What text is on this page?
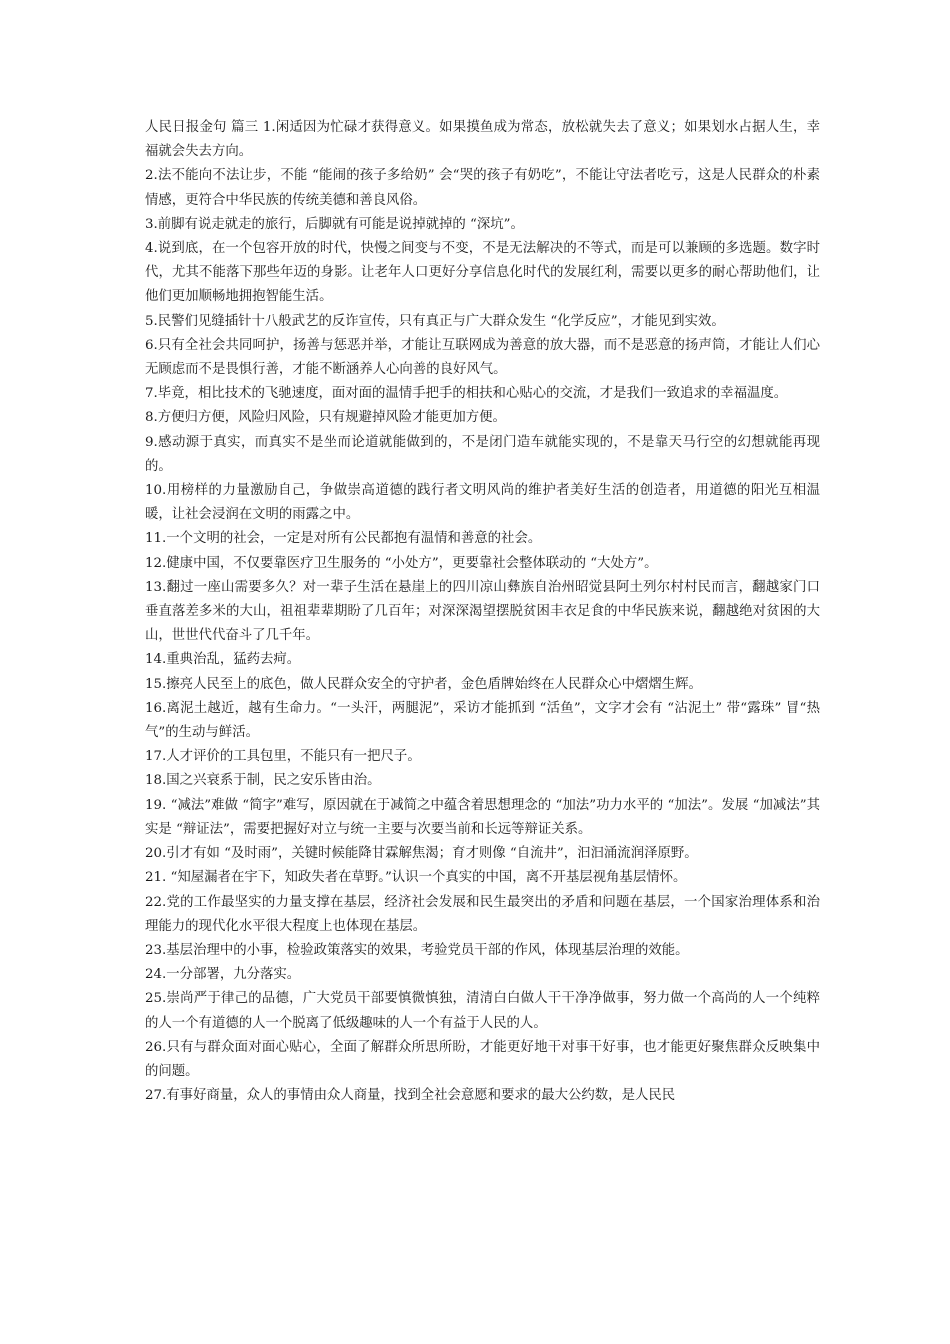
人民日报金句 篇三 1.闲适因为忙碌才获得意义。如果摸鱼成为常态，放松就失去了意义；如果划水占据人生，幸福就会失去方向。

2.法不能向不法让步，不能 “能闹的孩子多给奶” 会“哭的孩子有奶吃”，不能让守法者吃亏，这是人民群众的朴素情感，更符合中华民族的传统美德和善良风俗。

3.前脚有说走就走的旅行，后脚就有可能是说掉就掉的 “深坑”。

4.说到底，在一个包容开放的时代，快慢之间变与不变，不是无法解决的不等式，而是可以兼顾的多选题。数字时代，尤其不能落下那些年迈的身影。让老年人口更好分享信息化时代的发展红利，需要以更多的耐心帮助他们，让他们更加顺畅地拥抱智能生活。

5.民警们见缝插针十八般武艺的反诈宣传，只有真正与广大群众发生 “化学反应”，才能见到实效。

6.只有全社会共同呵护，扬善与惩恶并举，才能让互联网成为善意的放大器，而不是恶意的扬声筒，才能让人们心无顾虑而不是畏惧行善，才能不断涵养人心向善的良好风气。

7.毕竟，相比技术的飞驰速度，面对面的温情手把手的相扶和心贴心的交流，才是我们一致追求的幸福温度。

8.方便归方便，风险归风险，只有规避掉风险才能更加方便。

9.感动源于真实，而真实不是坐而论道就能做到的，不是闭门造车就能实现的，不是靠天马行空的幻想就能再现的。

10.用榜样的力量激励自己，争做崇高道德的践行者文明风尚的维护者美好生活的创造者，用道德的阳光互相温暖，让社会浸润在文明的雨露之中。

11.一个文明的社会，一定是对所有公民都抱有温情和善意的社会。

12.健康中国，不仅要靠医疗卫生服务的 “小处方”，更要靠社会整体联动的 “大处方”。

13.翻过一座山需要多久？对一辈子生活在悬崖上的四川凉山彝族自治州昭觉县阿土列尔村村民而言，翻越家门口垂直落差多米的大山，祖祖辈辈期盼了几百年；对深深渴望摆脱贫困丰衣足食的中华民族来说，翻越绝对贫困的大山，世世代代奋斗了几千年。

14.重典治乱，猛药去疴。

15.擦亮人民至上的底色，做人民群众安全的守护者，金色盾牌始终在人民群众心中熠熠生辉。

16.离泥土越近，越有生命力。“一头汗，两腿泥”，采访才能抓到 “活鱼”，文字才会有 “沾泥土” 带“露珠” 冒“热气”的生动与鲜活。

17.人才评价的工具包里，不能只有一把尺子。

18.国之兴衰系于制，民之安乐皆由治。

19. “减法”难做 “简字”难写，原因就在于减简之中蕴含着思想理念的 “加法”功力水平的 “加法”。发展 “加减法”其实是 “辩证法”，需要把握好对立与统一主要与次要当前和长远等辩证关系。

20.引才有如 “及时雨”，关键时候能降甘霖解焦渴；育才则像 “自流井”，汩汩涌流润泽原野。

21. “知屋漏者在宇下，知政失者在草野。”认识一个真实的中国，离不开基层视角基层情怀。

22.党的工作最坚实的力量支撑在基层，经济社会发展和民生最突出的矛盾和问题在基层，一个国家治理体系和治理能力的现代化水平很大程度上也体现在基层。

23.基层治理中的小事，检验政策落实的效果，考验党员干部的作风，体现基层治理的效能。

24.一分部署，九分落实。

25.崇尚严于律己的品德，广大党员干部要慎微慎独，清清白白做人干干净净做事，努力做一个高尚的人一个纯粹的人一个有道德的人一个脱离了低级趣味的人一个有益于人民的人。

26.只有与群众面对面心贴心，全面了解群众所思所盼，才能更好地干对事干好事，也才能更好聚焦群众反映集中的问题。

27.有事好商量，众人的事情由众人商量，找到全社会意愿和要求的最大公约数，是人民民
